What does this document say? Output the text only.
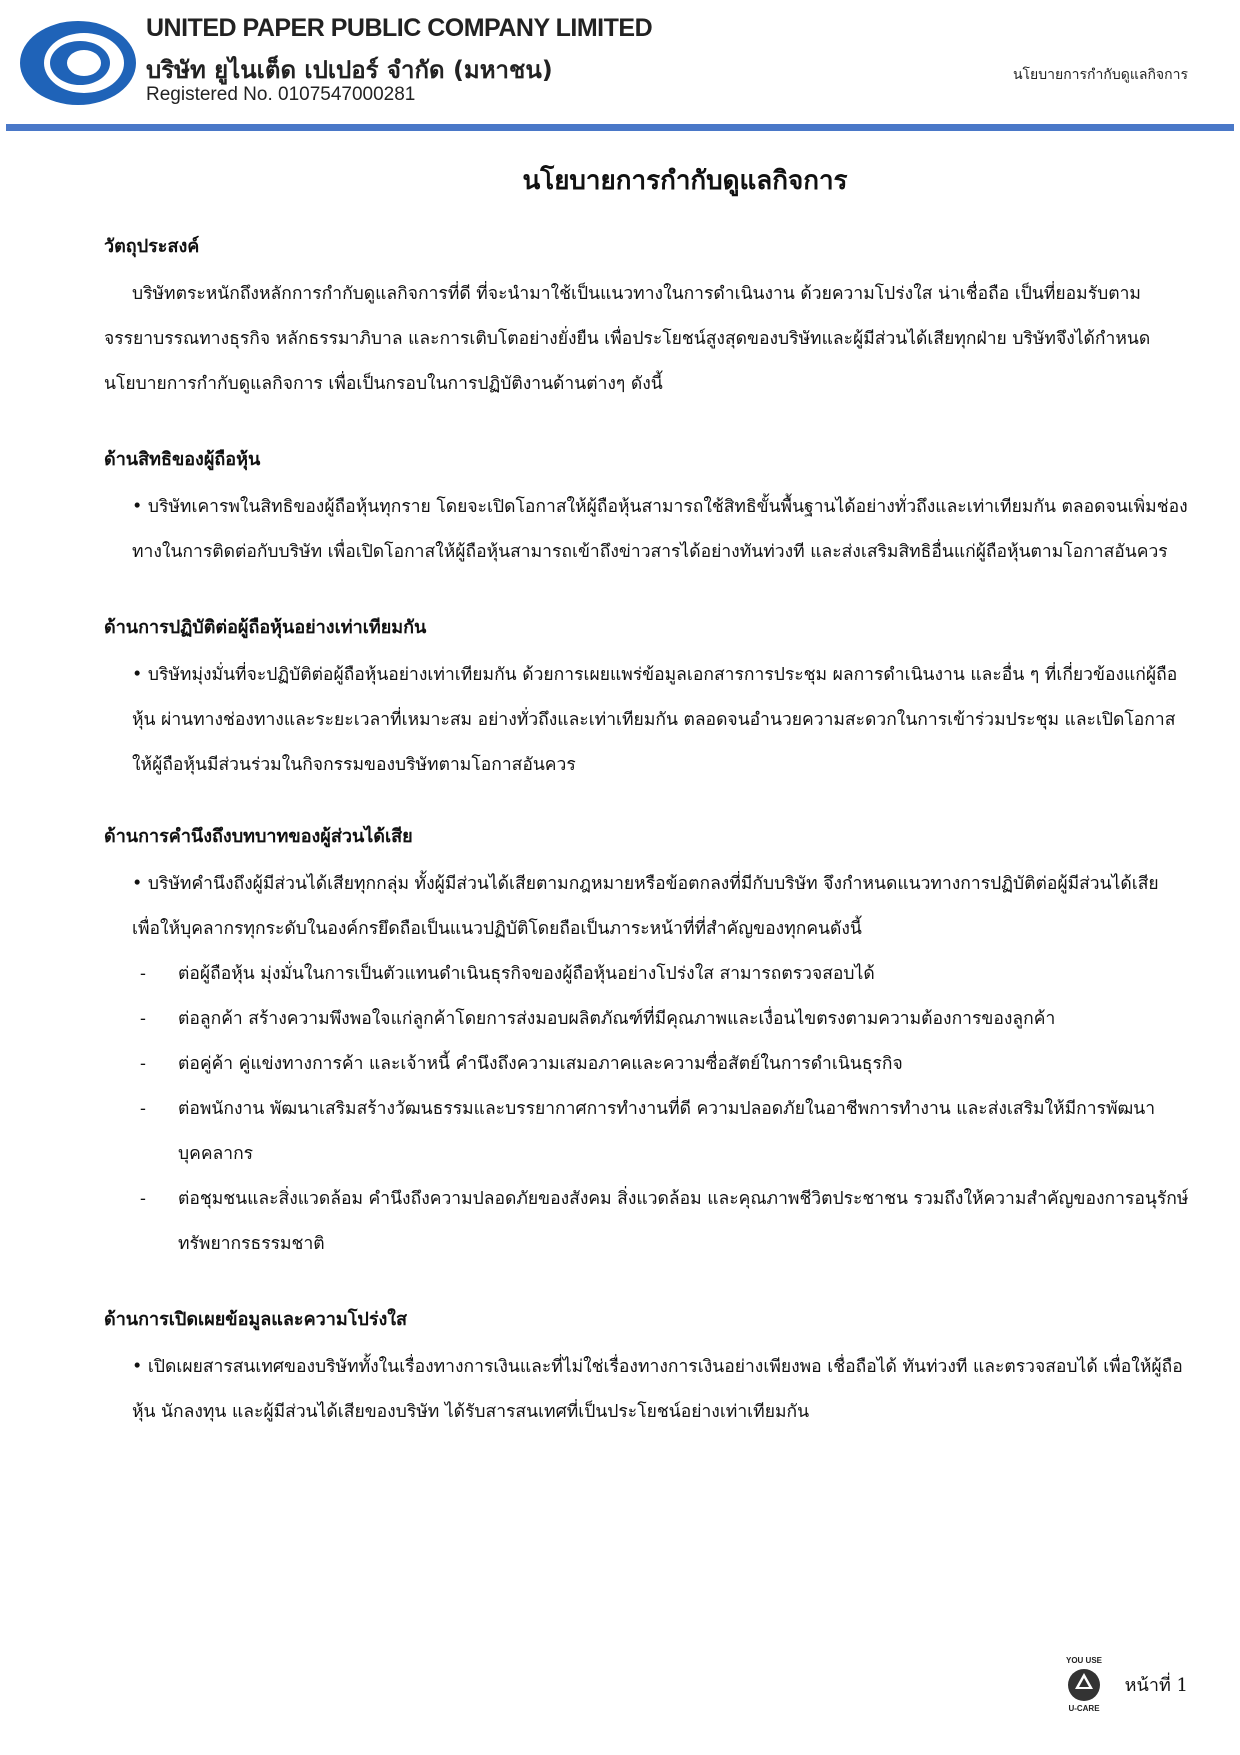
UNITED PAPER PUBLIC COMPANY LIMITED
บริษัท ยูไนเต็ด เปเปอร์ จำกัด (มหาชน)
Registered No. 0107547000281
นโยบายการกำกับดูแลกิจการ
นโยบายการกำกับดูแลกิจการ
วัตถุประสงค์

บริษัทตระหนักถึงหลักการกำกับดูแลกิจการที่ดี ที่จะนำมาใช้เป็นแนวทางในการดำเนินงาน ด้วยความโปร่งใส น่าเชื่อถือ เป็นที่ยอมรับตามจรรยาบรรณทางธุรกิจ หลักธรรมาภิบาล และการเติบโตอย่างยั่งยืน เพื่อประโยชน์สูงสุดของบริษัทและผู้มีส่วนได้เสียทุกฝ่าย บริษัทจึงได้กำหนดนโยบายการกำกับดูแลกิจการ เพื่อเป็นกรอบในการปฏิบัติงานด้านต่างๆ ดังนี้

ด้านสิทธิของผู้ถือหุ้น
• บริษัทเคารพในสิทธิของผู้ถือหุ้นทุกราย โดยจะเปิดโอกาสให้ผู้ถือหุ้นสามารถใช้สิทธิขั้นพื้นฐานได้อย่างทั่วถึงและเท่าเทียมกัน ตลอดจนเพิ่มช่องทางในการติดต่อกับบริษัท เพื่อเปิดโอกาสให้ผู้ถือหุ้นสามารถเข้าถึงข่าวสารได้อย่างทันท่วงที และส่งเสริมสิทธิอื่นแก่ผู้ถือหุ้นตามโอกาสอันควร
ด้านการปฏิบัติต่อผู้ถือหุ้นอย่างเท่าเทียมกัน
• บริษัทมุ่งมั่นที่จะปฏิบัติต่อผู้ถือหุ้นอย่างเท่าเทียมกัน ด้วยการเผยแพร่ข้อมูลเอกสารการประชุม ผลการดำเนินงาน และอื่น ๆ ที่เกี่ยวข้องแก่ผู้ถือหุ้น ผ่านทางช่องทางและระยะเวลาที่เหมาะสม อย่างทั่วถึงและเท่าเทียมกัน ตลอดจนอำนวยความสะดวกในการเข้าร่วมประชุม และเปิดโอกาสให้ผู้ถือหุ้นมีส่วนร่วมในกิจกรรมของบริษัทตามโอกาสอันควร
ด้านการคำนึงถึงบทบาทของผู้ส่วนได้เสีย
• บริษัทคำนึงถึงผู้มีส่วนได้เสียทุกกลุ่ม ทั้งผู้มีส่วนได้เสียตามกฎหมายหรือข้อตกลงที่มีกับบริษัท จึงกำหนดแนวทางการปฏิบัติต่อผู้มีส่วนได้เสีย เพื่อให้บุคลากรทุกระดับในองค์กรยึดถือเป็นแนวปฏิบัติโดยถือเป็นภาระหน้าที่ที่สำคัญของทุกคนดังนี้
-	ต่อผู้ถือหุ้น มุ่งมั่นในการเป็นตัวแทนดำเนินธุรกิจของผู้ถือหุ้นอย่างโปร่งใส สามารถตรวจสอบได้
-	ต่อลูกค้า สร้างความพึงพอใจแก่ลูกค้าโดยการส่งมอบผลิตภัณฑ์ที่มีคุณภาพและเงื่อนไขตรงตามความต้องการของลูกค้า
-	ต่อคู่ค้า คู่แข่งทางการค้า และเจ้าหนี้ คำนึงถึงความเสมอภาคและความซื่อสัตย์ในการดำเนินธุรกิจ
-	ต่อพนักงาน พัฒนาเสริมสร้างวัฒนธรรมและบรรยากาศการทำงานที่ดี ความปลอดภัยในอาชีพการทำงาน และส่งเสริมให้มีการพัฒนาบุคคลากร
-	ต่อชุมชนและสิ่งแวดล้อม คำนึงถึงความปลอดภัยของสังคม สิ่งแวดล้อม และคุณภาพชีวิตประชาชน รวมถึงให้ความสำคัญของการอนุรักษ์ทรัพยากรธรรมชาติ
ด้านการเปิดเผยข้อมูลและความโปร่งใส
• เปิดเผยสารสนเทศของบริษัททั้งในเรื่องทางการเงินและที่ไม่ใช่เรื่องทางการเงินอย่างเพียงพอ เชื่อถือได้ ทันท่วงที และตรวจสอบได้ เพื่อให้ผู้ถือหุ้น นักลงทุน และผู้มีส่วนได้เสียของบริษัท ได้รับสารสนเทศที่เป็นประโยชน์อย่างเท่าเทียมกัน
YOU USE
U-CARE
หน้าที่ 1
